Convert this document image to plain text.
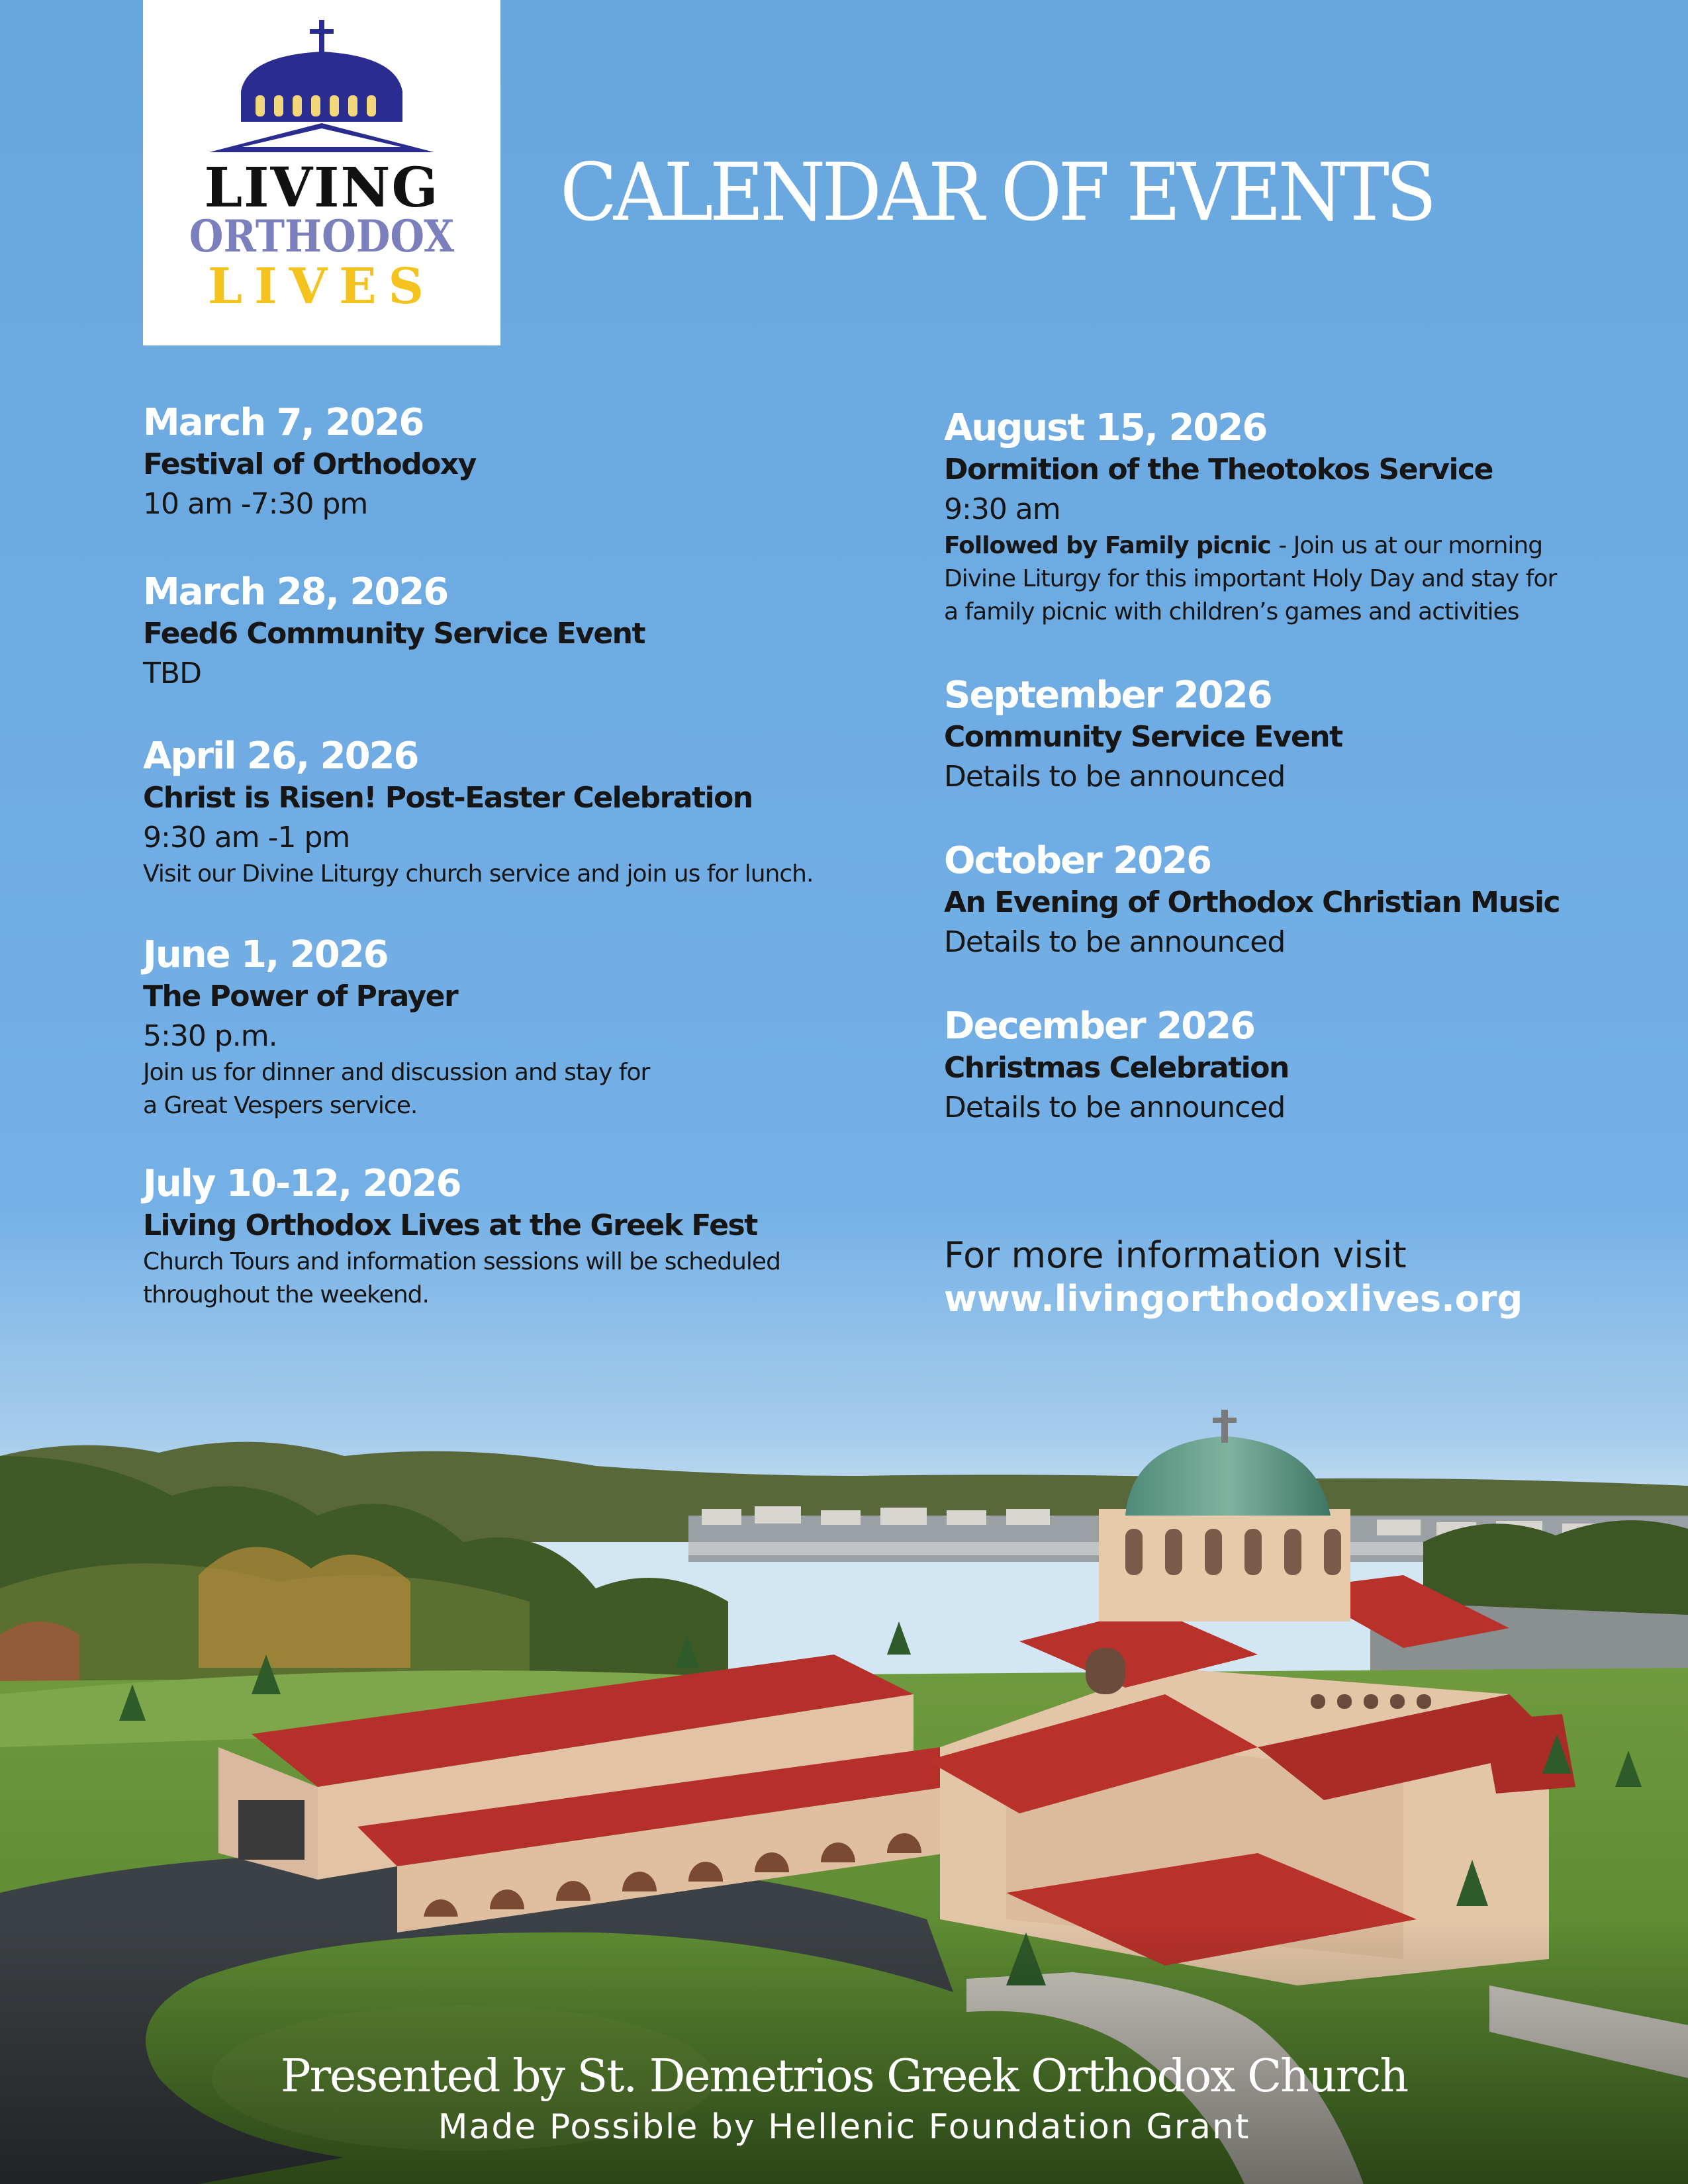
LIVING
ORTHODOX
LIVES
CALENDAR OF EVENTS
March 7, 2026
Festival of Orthodoxy
10 am -7:30 pm
March 28, 2026
Feed6 Community Service Event
TBD
April 26, 2026
Christ is Risen! Post-Easter Celebration
9:30 am -1 pm
Visit our Divine Liturgy church service and join us for lunch.
June 1, 2026
The Power of Prayer
5:30 p.m.
Join us for dinner and discussion and stay for
a Great Vespers service.
July 10-12, 2026
Living Orthodox Lives at the Greek Fest
Church Tours and information sessions will be scheduled
throughout the weekend.
August 15, 2026
Dormition of the Theotokos Service
9:30 am
Followed by Family picnic - Join us at our morning
Divine Liturgy for this important Holy Day and stay for
a family picnic with children’s games and activities
September 2026
Community Service Event
Details to be announced
October 2026
An Evening of Orthodox Christian Music
Details to be announced
December 2026
Christmas Celebration
Details to be announced
For more information visit
www.livingorthodoxlives.org
Presented by St. Demetrios Greek Orthodox Church
Made Possible by Hellenic Foundation Grant
